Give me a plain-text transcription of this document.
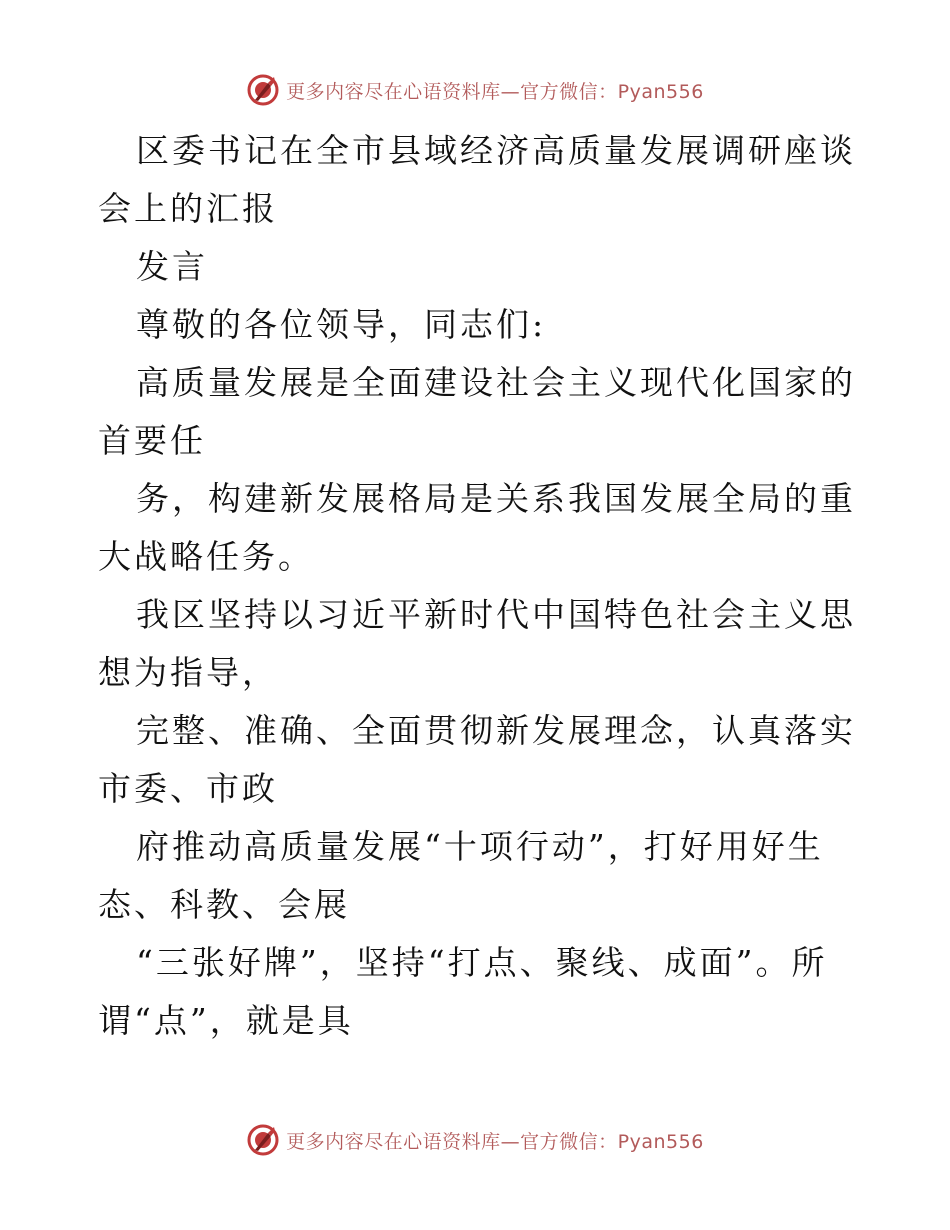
更多内容尽在心语资料库—官方微信：Pyan556

区委书记在全市县域经济高质量发展调研座谈会上的汇报

发言

尊敬的各位领导，同志们:

高质量发展是全面建设社会主义现代化国家的首要任

务，构建新发展格局是关系我国发展全局的重大战略任务。

我区坚持以习近平新时代中国特色社会主义思想为指导，

完整、准确、全面贯彻新发展理念，认真落实市委、市政

府推动高质量发展“十项行动”，打好用好生态、科教、会展

“三张好牌”，坚持“打点、聚线、成面”。所谓“点”，就是具

更多内容尽在心语资料库—官方微信：Pyan556
